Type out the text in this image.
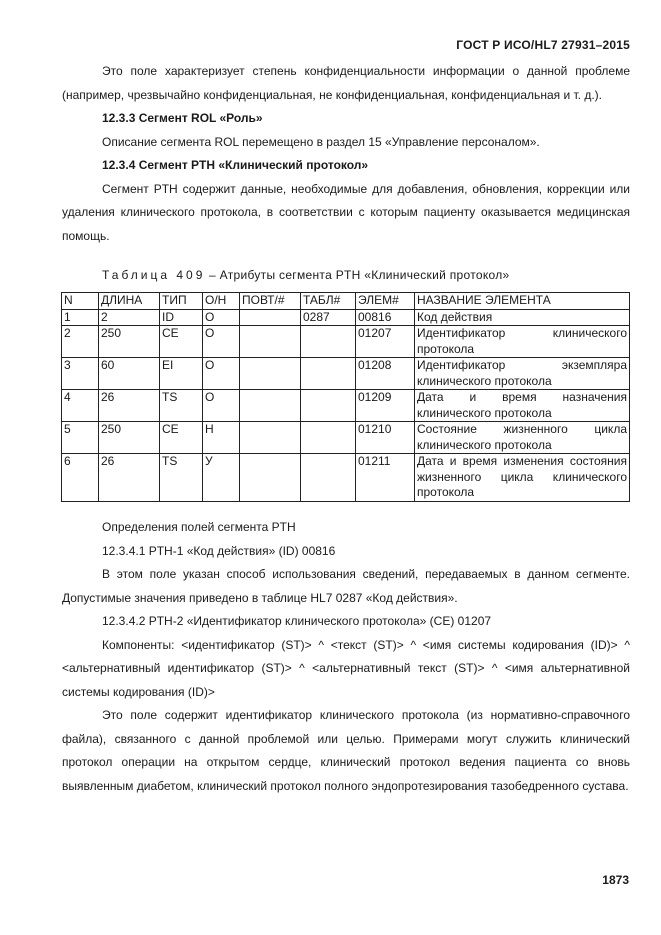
ГОСТ Р ИСО/HL7 27931–2015

Это поле характеризует степень конфиденциальности информации о данной проблеме (например, чрезвычайно конфиденциальная, не конфиденциальная, конфиденциальная и т. д.).

12.3.3 Сегмент ROL «Роль»

Описание сегмента ROL перемещено в раздел 15 «Управление персоналом».

12.3.4 Сегмент PTH «Клинический протокол»

Сегмент PTH содержит данные, необходимые для добавления, обновления, коррекции или удаления клинического протокола, в соответствии с которым пациенту оказывается медицинская помощь.

Таблица 409 – Атрибуты сегмента PTH «Клинический протокол»
N	ДЛИНА	ТИП	О/Н	ПОВТ/#	ТАБЛ#	ЭЛЕМ#	НАЗВАНИЕ ЭЛЕМЕНТА
1	2	ID	О		0287	00816	Код действия
2	250	CE	О			01207	Идентификатор клинического протокола
3	60	EI	О			01208	Идентификатор экземпляра клинического протокола
4	26	TS	О			01209	Дата и время назначения клинического протокола
5	250	CE	Н			01210	Состояние жизненного цикла клинического протокола
6	26	TS	У			01211	Дата и время изменения состояния жизненного цикла клинического протокола

Определения полей сегмента PTH

12.3.4.1 PTH-1 «Код действия» (ID) 00816

В этом поле указан способ использования сведений, передаваемых в данном сегменте. Допустимые значения приведено в таблице HL7 0287 «Код действия».

12.3.4.2 PTH-2 «Идентификатор клинического протокола» (CE) 01207

Компоненты: <идентификатор (ST)> ^ <текст (ST)> ^ <имя системы кодирования (ID)> ^ <альтернативный идентификатор (ST)> ^ <альтернативный текст (ST)> ^ <имя альтернативной системы кодирования (ID)>

Это поле содержит идентификатор клинического протокола (из нормативно-справочного файла), связанного с данной проблемой или целью. Примерами могут служить клинический протокол операции на открытом сердце, клинический протокол ведения пациента со вновь выявленным диабетом, клинический протокол полного эндопротезирования тазобедренного сустава.

1873
